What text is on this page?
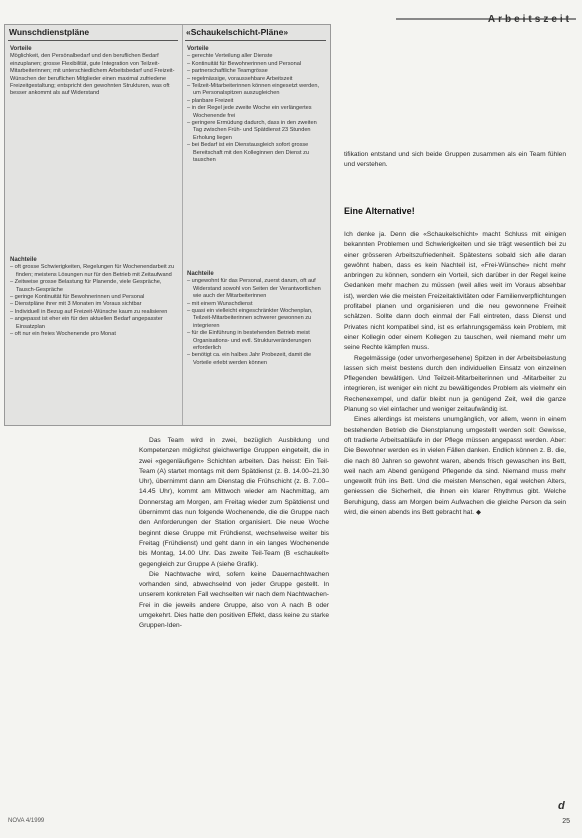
Arbeitszeit
Wunschdienstpläne	«Schaukelschicht-Pläne»
Vorteile

Möglichkeit, den Persönalbedarf und den beruflichen Bedarf einzuplanen; grosse Flexibilität, gute Integration von Teilzeit-Mitarbeiterinnen; mit unterschiedlichem Arbeitsbedarf und Freizeit-Wünschen der beruflichen Mitglieder einen maximal zufriedene Freizeitgestaltung; entspricht den gewohnten Strukturen, was oft besser ankommt als auf Widerstand

Nachteile
– oft grosse Schwierigkeiten, Regelungen für Wochenendarbeit zu finden; meistens Lösungen nur für den Betrieb mit Zeitaufwand
– Zeitweise grosse Belastung für Planende, viele Gespräche, Tausch-Gespräche
– geringe Kontinuität für Bewohnerinnen und Personal
– Dienstpläne ihrer mit 3 Monaten im Voraus sichtbar
– Individuell in Bezug auf Freizeit-Wünsche kaum zu realisieren
– angepasst ist eher ein für den aktuellen Bedarf angepasster Einsatzplan
– oft nur ein freies Wochenende pro Monat
Vorteile
– gerechte Verteilung aller Dienste
– Kontinuität für Bewohnerinnen und Personal
– partnerschaftliche Teamgrösse
– regelmässige, voraussehbare Arbeitszeit
– Teilzeit-Mitarbeiterinnen können eingesetzt werden, um Personalspitzen auszugleichen
– planbare Freizeit
– in der Regel jede zweite Woche ein verlängertes Wochenende frei
– geringere Ermüdung dadurch, dass in den zweiten Tag zwischen Früh- und Spätdienst 23 Stunden Erholung liegen
– bei Bedarf ist ein Dienstausgleich sofort grosse Bereitschaft mit den Kolleginnen den Dienst zu tauschen
Nachteile
– ungewohnt für das Personal, zuerst darum, oft auf Widerstand sowohl von Seiten der Verantwortlichen wie auch der Mitarbeiterinnen
– mit einem Wunschdienst
– quasi ein vielleicht eingeschränkter Wochenplan, Teilzeit-Mitarbeiterinnen schwerer gewonnen zu integrieren
– für die Einführung in bestehenden Betrieb meist Organisations- und evtl. Strukturveränderungen erforderlich
– benötigt ca. ein halbes Jahr Probezeit, damit die Vorteile erlebt werden können

Das Team wird in zwei, bezüglich Ausbildung und Kompetenzen möglichst gleichwertige Gruppen eingeteilt, die in zwei «gegenläufigen» Schichten arbeiten. Das heisst: Ein Teil-Team (A) startet montags mit dem Spätdienst (z. B. 14.00–21.30 Uhr), übernimmt dann am Dienstag die Frühschicht (z. B. 7.00–14.45 Uhr), kommt am Mittwoch wieder am Nachmittag, am Donnerstag am Morgen, am Freitag wieder zum Spätdienst und übernimmt das nun folgende Wochenende, die die Gruppe nach den Anforderungen der Station organisiert. Die neue Woche beginnt diese Gruppe mit Frühdienst, wechselweise weiter bis Freitag (Frühdienst) und geht dann in ein langes Wochenende bis Montag, 14.00 Uhr. Das zweite Teil-Team (B «schaukelt» gegengleich zur Gruppe A (siehe Grafik).

Die Nachtwache wird, sofern keine Dauernachtwachen vorhanden sind, abwechselnd von jeder Gruppe gestellt. In unserem konkreten Fall wechselten wir nach dem Nachtwachen-Frei in die jeweils andere Gruppe, also von A nach B oder umgekehrt. Dies hatte den positiven Effekt, dass keine zu starke Gruppen-Iden-

tifikation entstand und sich beide Gruppen zusammen als ein Team fühlen und verstehen.

Eine Alternative!

Ich denke ja. Denn die «Schaukelschicht» macht Schluss mit einigen bekannten Problemen und Schwierigkeiten und sie trägt wesentlich bei zu einer grösseren Arbeitszufriedenheit. Spätestens sobald sich alle daran gewöhnt haben, dass es kein Nachteil ist, «Frei-Wünsche» nicht mehr anbringen zu können, sondern ein Vorteil, sich darüber in der Regel keine Gedanken mehr machen zu müssen (weil alles weit im Voraus absehbar ist), werden wie die meisten Freizeitaktivitäten oder Familienverpflichtungen profitabel planen und organisieren und die neu gewonnene Freiheit schätzen. Sollte dann doch einmal der Fall eintreten, dass Dienst und Privates nicht kompatibel sind, ist es erfahrungsgemäss kein Problem, mit einer Kollegin oder einem Kollegen zu tauschen, weil niemand mehr um seine Rechte kämpfen muss.

Regelmässige (oder unvorhergesehene) Spitzen in der Arbeitsbelastung lassen sich meist bestens durch den individuellen Einsatz von einzelnen Pflegenden bewältigen. Und Teilzeit-Mitarbeiterinnen und -Mitarbeiter zu integrieren, ist weniger ein nicht zu bewältigendes Problem als vielmehr ein Rechenexempel, und dafür bleibt nun ja genügend Zeit, weil die ganze Planung so viel einfacher und weniger zeitaufwändig ist.

Eines allerdings ist meistens unumgänglich, vor allem, wenn in einem bestehenden Betrieb die Dienstplanung umgestellt werden soll: Gewisse, oft tradierte Arbeitsabläufe in der Pflege müssen angepasst werden. Aber: Die Bewohner werden es in vielen Fällen danken. Endlich können z. B. die, die nach 80 Jahren so gewohnt waren, abends frisch gewaschen ins Bett, weil nach am Abend genügend Pflegende da sind. Niemand muss mehr ungewollt früh ins Bett. Und die meisten Menschen, egal welchen Alters, geniessen die Sicherheit, die ihnen ein klarer Rhythmus gibt. Welche Beruhigung, dass am Morgen beim Aufwachen die gleiche Person da sein wird, die einen abends ins Bett gebracht hat. ◆

NOVA 4/1999
d
25
